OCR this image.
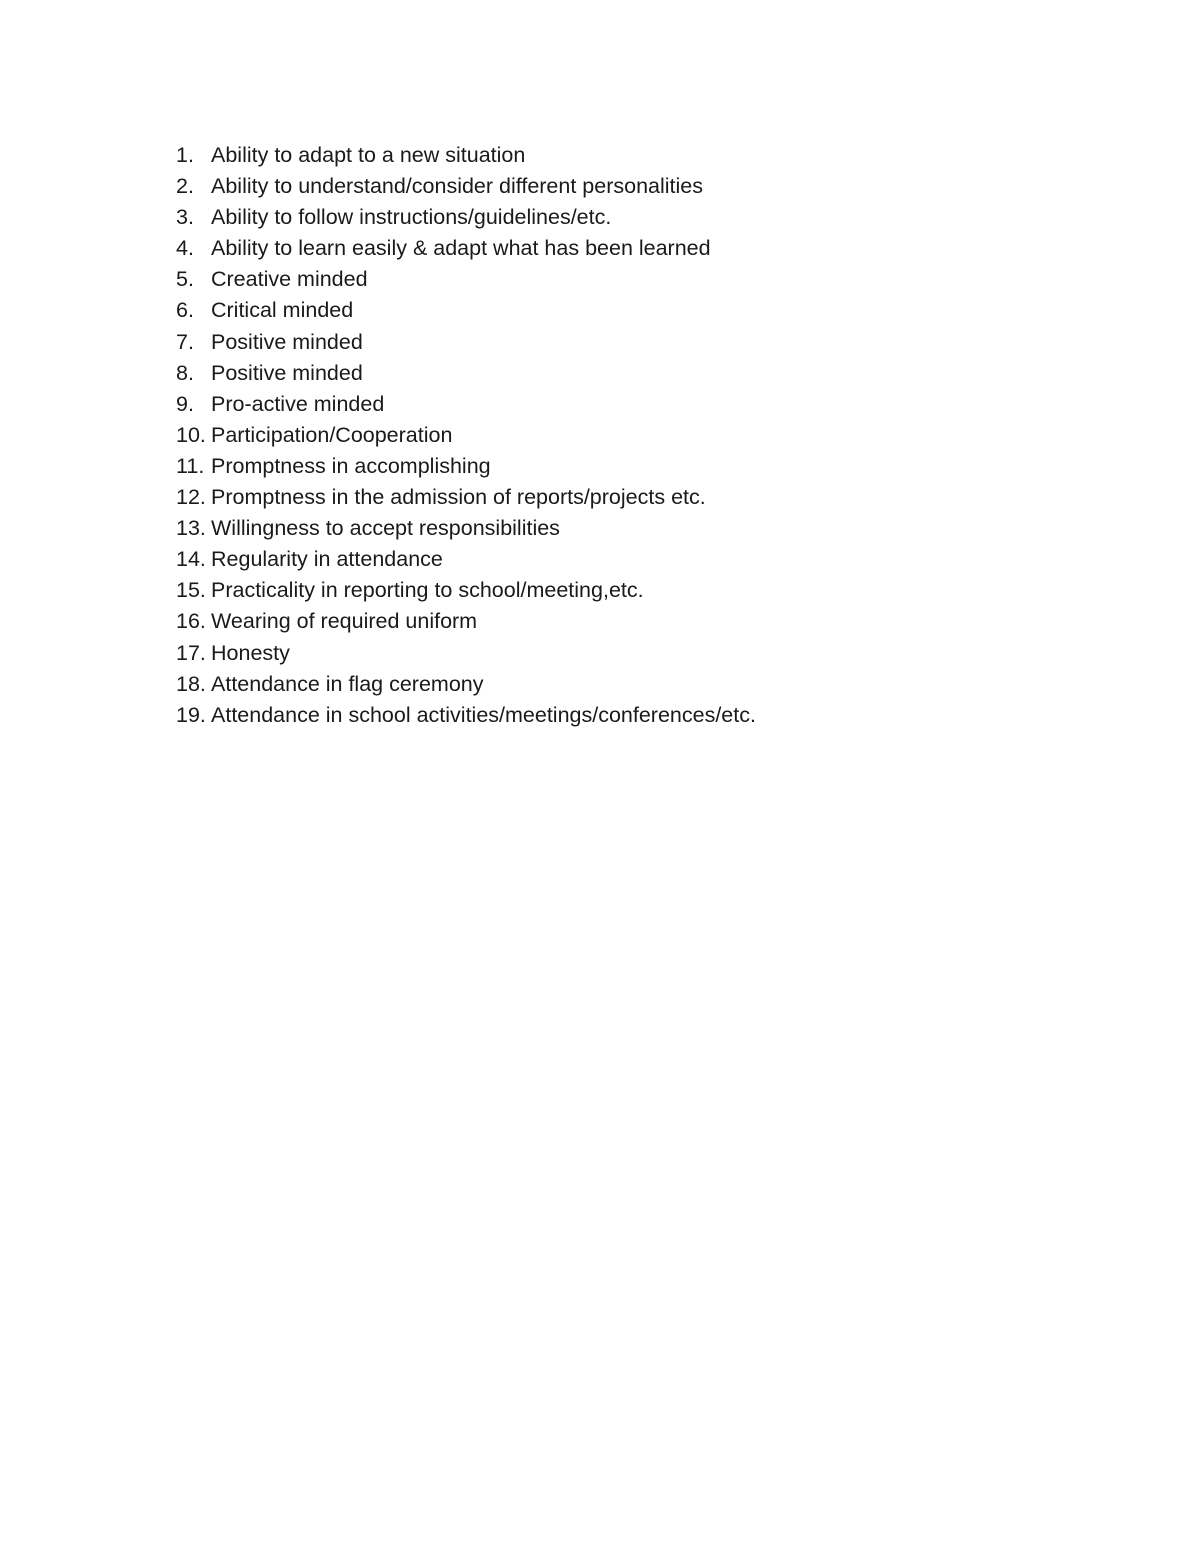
1. Ability to adapt to a new situation
2. Ability to understand/consider different personalities
3. Ability to follow instructions/guidelines/etc.
4. Ability to learn easily & adapt what has been learned
5. Creative minded
6. Critical minded
7. Positive minded
8. Positive minded
9. Pro-active minded
10. Participation/Cooperation
11. Promptness in accomplishing
12. Promptness in the admission of reports/projects etc.
13. Willingness to accept responsibilities
14. Regularity in attendance
15. Practicality in reporting to school/meeting,etc.
16. Wearing of required uniform
17. Honesty
18. Attendance in flag ceremony
19. Attendance in school activities/meetings/conferences/etc.
